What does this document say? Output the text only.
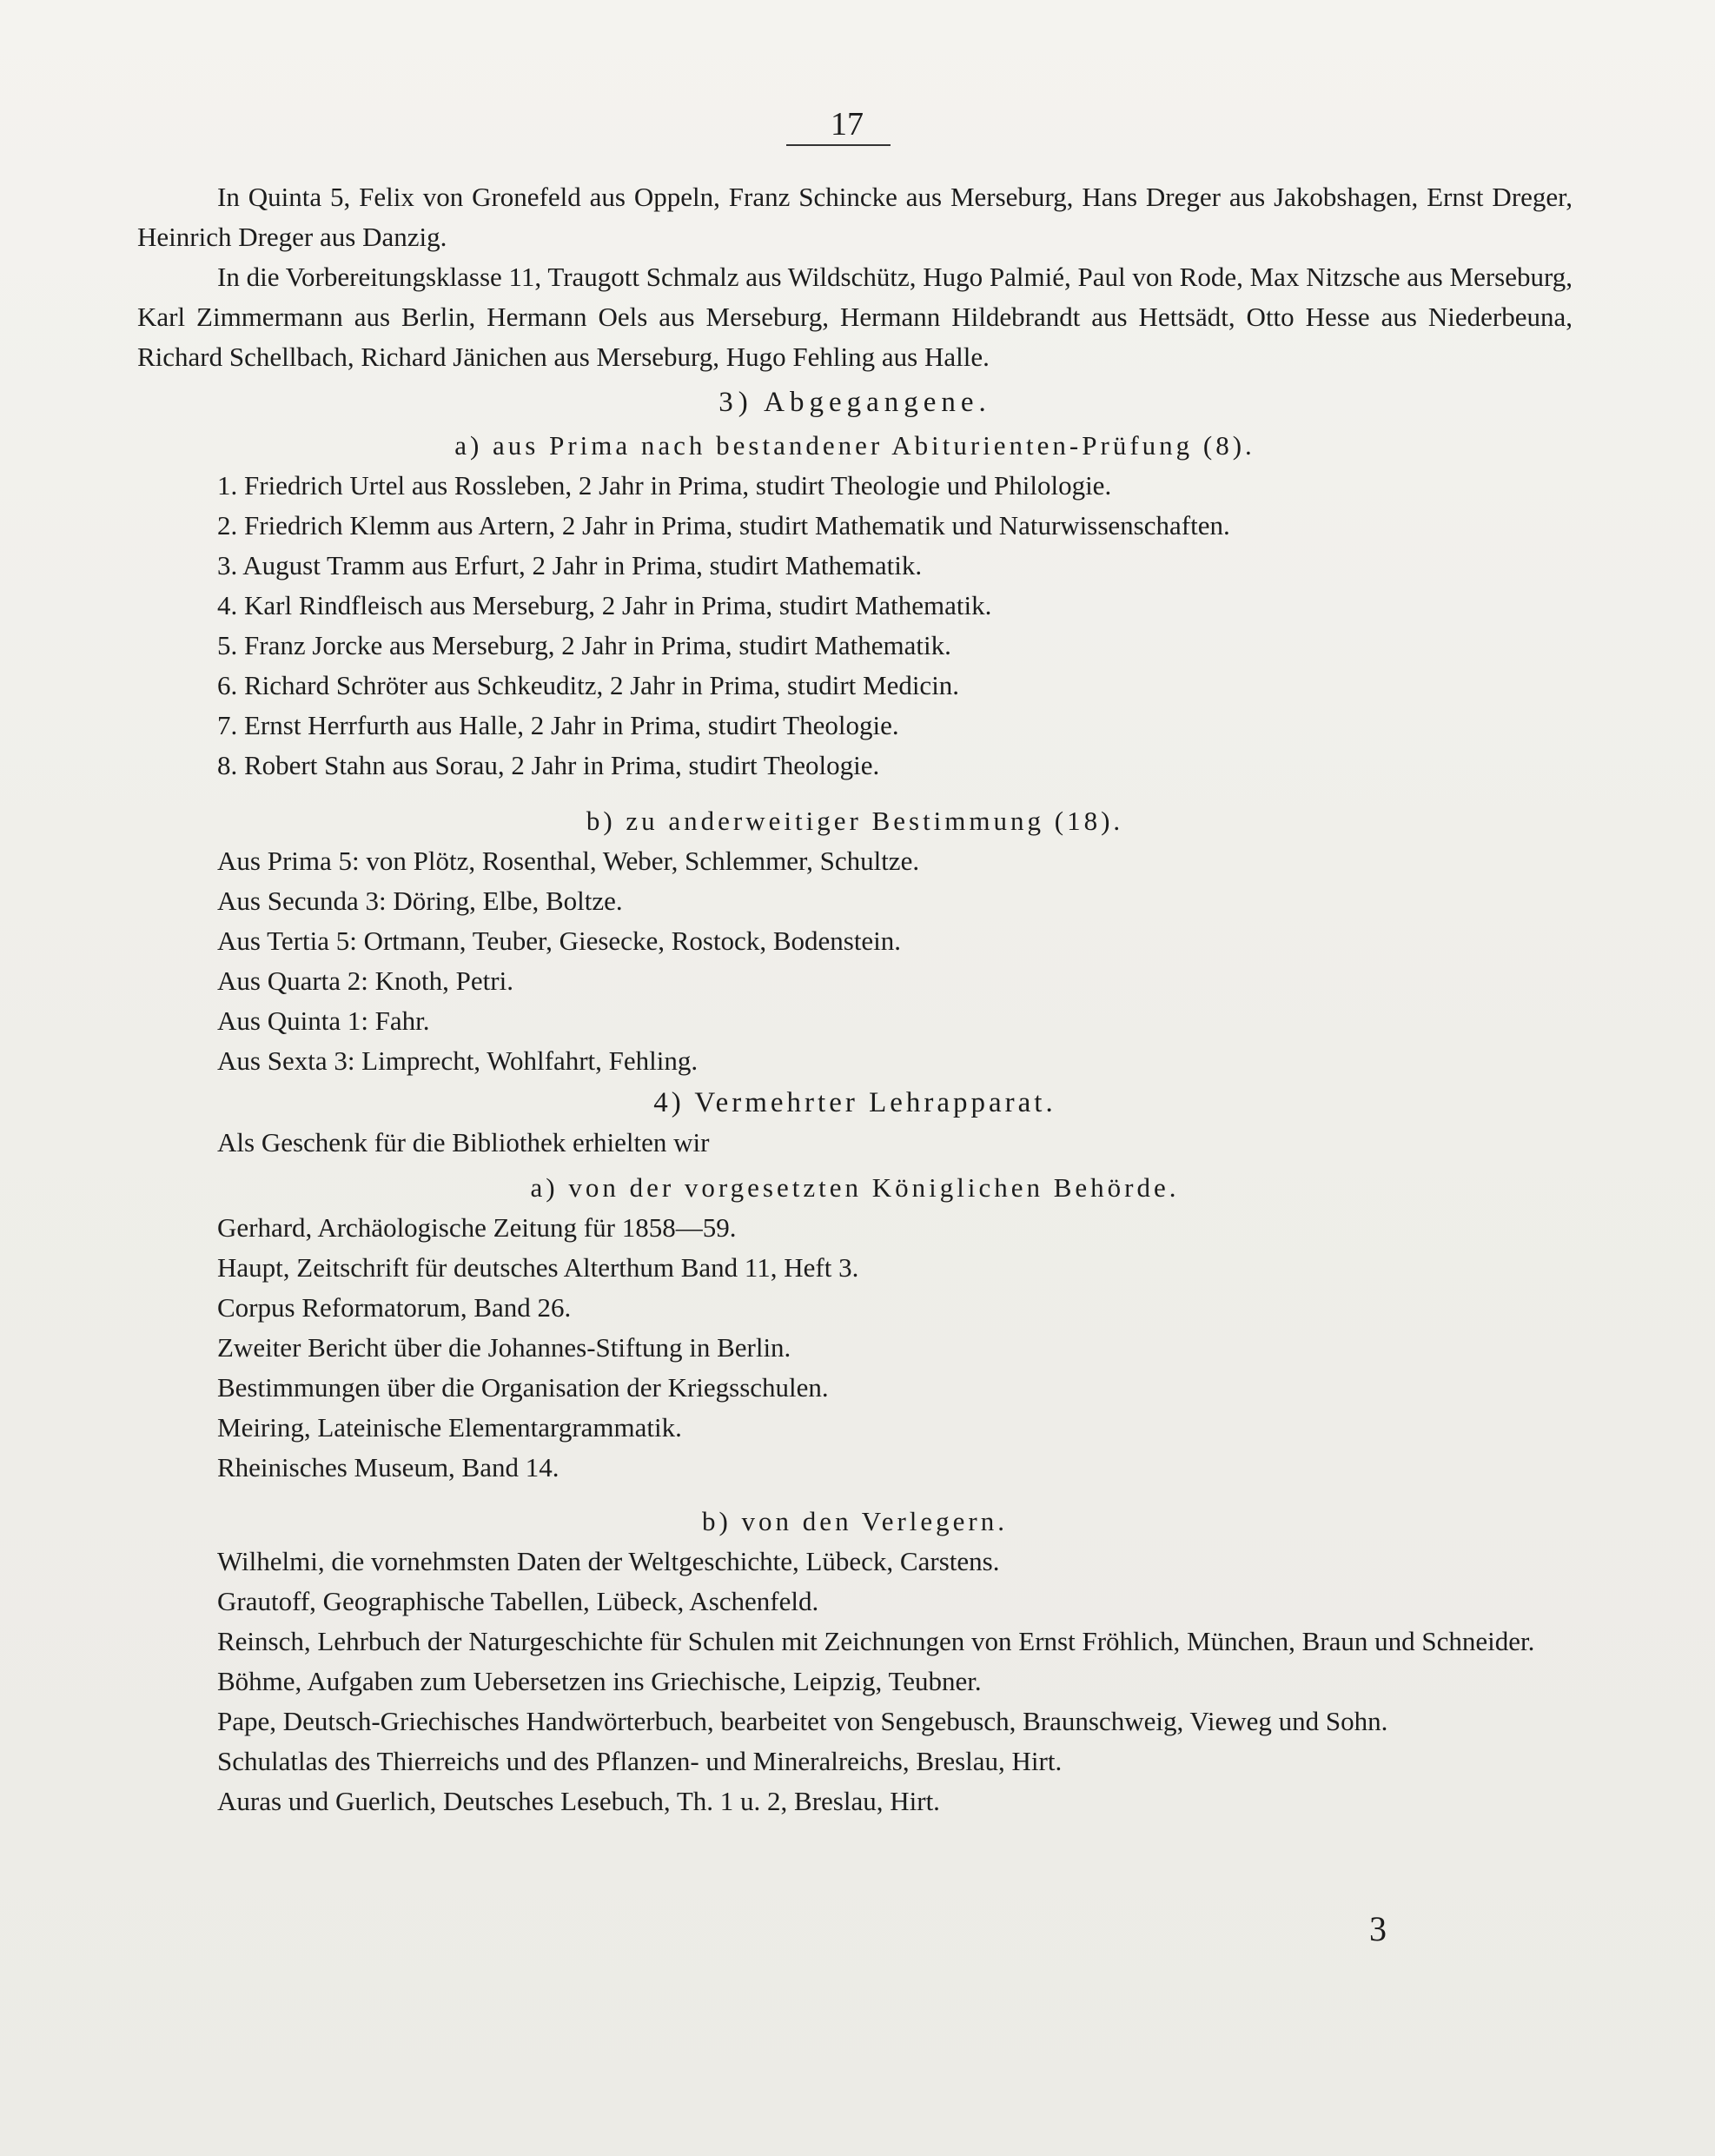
17

In Quinta 5, Felix von Gronefeld aus Oppeln, Franz Schincke aus Merseburg, Hans Dreger aus Jakobshagen, Ernst Dreger, Heinrich Dreger aus Danzig.

In die Vorbereitungsklasse 11, Traugott Schmalz aus Wildschütz, Hugo Palmié, Paul von Rode, Max Nitzsche aus Merseburg, Karl Zimmermann aus Berlin, Hermann Oels aus Merseburg, Hermann Hildebrandt aus Hettsädt, Otto Hesse aus Niederbeuna, Richard Schellbach, Richard Jänichen aus Merseburg, Hugo Fehling aus Halle.

3) Abgegangene.

a) aus Prima nach bestandener Abiturienten-Prüfung (8).

1. Friedrich Urtel aus Rossleben, 2 Jahr in Prima, studirt Theologie und Philologie.

2. Friedrich Klemm aus Artern, 2 Jahr in Prima, studirt Mathematik und Naturwissenschaften.

3. August Tramm aus Erfurt, 2 Jahr in Prima, studirt Mathematik.

4. Karl Rindfleisch aus Merseburg, 2 Jahr in Prima, studirt Mathematik.

5. Franz Jorcke aus Merseburg, 2 Jahr in Prima, studirt Mathematik.

6. Richard Schröter aus Schkeuditz, 2 Jahr in Prima, studirt Medicin.

7. Ernst Herrfurth aus Halle, 2 Jahr in Prima, studirt Theologie.

8. Robert Stahn aus Sorau, 2 Jahr in Prima, studirt Theologie.

b) zu anderweitiger Bestimmung (18).

Aus Prima 5: von Plötz, Rosenthal, Weber, Schlemmer, Schultze.

Aus Secunda 3: Döring, Elbe, Boltze.

Aus Tertia 5: Ortmann, Teuber, Giesecke, Rostock, Bodenstein.

Aus Quarta 2: Knoth, Petri.

Aus Quinta 1: Fahr.

Aus Sexta 3: Limprecht, Wohlfahrt, Fehling.

4) Vermehrter Lehrapparat.

Als Geschenk für die Bibliothek erhielten wir

a) von der vorgesetzten Königlichen Behörde.

Gerhard, Archäologische Zeitung für 1858—59.

Haupt, Zeitschrift für deutsches Alterthum Band 11, Heft 3.

Corpus Reformatorum, Band 26.

Zweiter Bericht über die Johannes-Stiftung in Berlin.

Bestimmungen über die Organisation der Kriegsschulen.

Meiring, Lateinische Elementargrammatik.

Rheinisches Museum, Band 14.

b) von den Verlegern.

Wilhelmi, die vornehmsten Daten der Weltgeschichte, Lübeck, Carstens.

Grautoff, Geographische Tabellen, Lübeck, Aschenfeld.

Reinsch, Lehrbuch der Naturgeschichte für Schulen mit Zeichnungen von Ernst Fröhlich, München, Braun und Schneider.

Böhme, Aufgaben zum Uebersetzen ins Griechische, Leipzig, Teubner.

Pape, Deutsch-Griechisches Handwörterbuch, bearbeitet von Sengebusch, Braunschweig, Vieweg und Sohn.

Schulatlas des Thierreichs und des Pflanzen- und Mineralreichs, Breslau, Hirt.

Auras und Guerlich, Deutsches Lesebuch, Th. 1 u. 2, Breslau, Hirt.

3
